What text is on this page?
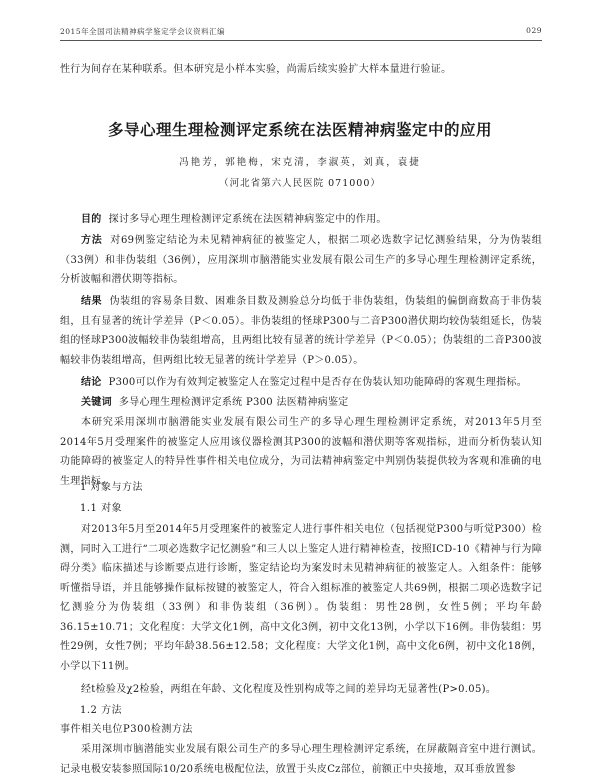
2015年全国司法精神病学鉴定学会议资料汇编	029
性行为间存在某种联系。但本研究是小样本实验，尚需后续实验扩大样本量进行验证。
多导心理生理检测评定系统在法医精神病鉴定中的应用
冯艳芳，郭艳梅，宋克清，李淑英，刘真，袁捷
（河北省第六人民医院 071000）
目的 探讨多导心理生理检测评定系统在法医精神病鉴定中的作用。
方法 对69例鉴定结论为未见精神病征的被鉴定人，根据二项必选数字记忆测验结果，分为伪装组（33例）和非伪装组（36例），应用深圳市脑潜能实业发展有限公司生产的多导心理生理检测评定系统，分析波幅和潜伏期等指标。
结果 伪装组的容易条目数、困难条目数及测验总分均低于非伪装组，伪装组的偏倒商数高于非伪装组，且有显著的统计学差异（P＜0.05）。非伪装组的怪球P300与二音P300潜伏期均较伪装组延长，伪装组的怪球P300波幅较非伪装组增高，且两组比较有显著的统计学差异（P＜0.05）；伪装组的二音P300波幅较非伪装组增高，但两组比较无显著的统计学差异（P＞0.05）。
结论 P300可以作为有效判定被鉴定人在鉴定过程中是否存在伪装认知功能障碍的客观生理指标。
关键词 多导心理生理检测评定系统 P300 法医精神病鉴定
本研究采用深圳市脑潜能实业发展有限公司生产的多导心理生理检测评定系统，对2013年5月至2014年5月受理案件的被鉴定人应用该仪器检测其P300的波幅和潜伏期等客观指标，进而分析伪装认知功能障碍的被鉴定人的特异性事件相关电位成分，为司法精神病鉴定中判别伪装提供较为客观和准确的电生理指标。
1 对象与方法
1.1 对象
对2013年5月至2014年5月受理案件的被鉴定人进行事件相关电位（包括视觉P300与听觉P300）检测，同时入工进行“二项必选数字记忆测验”和三人以上鉴定人进行精神检查，按照ICD-10《精神与行为障碍分类》临床描述与诊断要点进行诊断，鉴定结论均为案发时未见精神病征的被鉴定人。入组条件：能够听懂指导语，并且能够操作鼠标按键的被鉴定人，符合入组标准的被鉴定人共69例，根据二项必选数字记忆测验分为伪装组（33例）和非伪装组（36例）。伪装组：男性28例，女性5例；平均年龄36.15±10.71；文化程度：大学文化1例，高中文化3例，初中文化13例，小学以下16例。非伪装组：男性29例，女性7例；平均年龄38.56±12.58；文化程度：大学文化1例，高中文化6例，初中文化18例，小学以下11例。
经t检验及χ2检验，两组在年龄、文化程度及性别构成等之间的差异均无显著性(P>0.05)。
1.2 方法
事件相关电位P300检测方法
采用深圳市脑潜能实业发展有限公司生产的多导心理生理检测评定系统，在屏蔽隔音室中进行测试。记录电极安装参照国际10/20系统电极配位法，放置于头皮Cz部位，前额正中央接地，双耳垂放置参
